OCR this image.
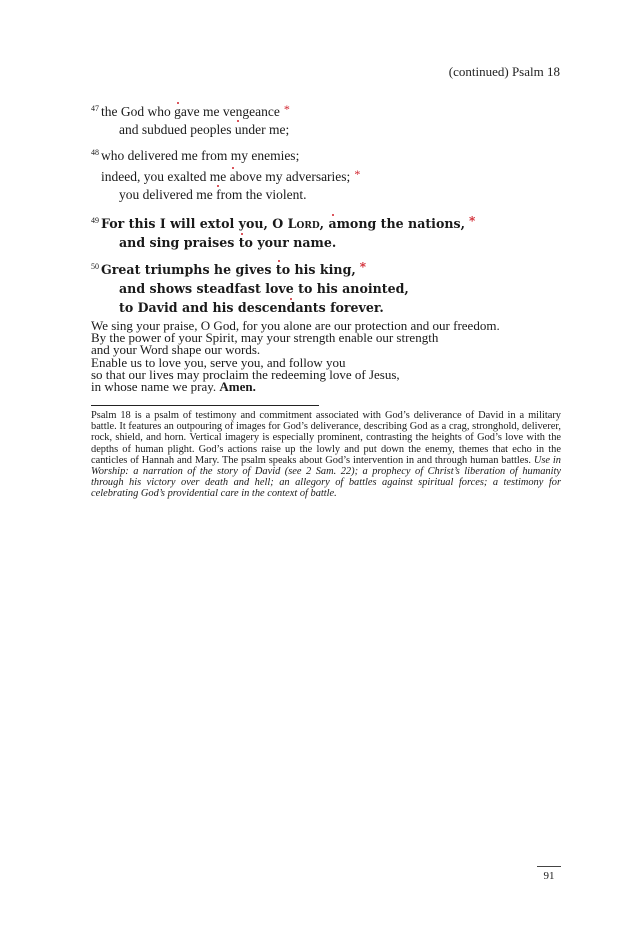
(continued) Psalm 18
$^{47}$ the God who gave me vengeance *
and subdued peoples under me;
$^{48}$ who delivered me from my enemies;
indeed, you exalted me above my adversaries; *
you delivered me from the violent.
$^{49}$ For this I will extol you, O Lord, among the nations, *
and sing praises to your name.
$^{50}$ Great triumphs he gives to his king, *
and shows steadfast love to his anointed,
to David and his descendants forever.
We sing your praise, O God, for you alone are our protection and our freedom.
By the power of your Spirit, may your strength enable our strength
and your Word shape our words.
Enable us to love you, serve you, and follow you
so that our lives may proclaim the redeeming love of Jesus,
in whose name we pray. Amen.
Psalm 18 is a psalm of testimony and commitment associated with God’s deliverance of David in a military battle. It features an outpouring of images for God’s deliverance, describing God as a crag, stronghold, deliverer, rock, shield, and horn. Vertical imagery is especially prominent, contrasting the heights of God’s love with the depths of human plight. God’s actions raise up the lowly and put down the enemy, themes that echo in the canticles of Hannah and Mary. The psalm speaks about God’s intervention in and through human battles. Use in Worship: a narration of the story of David (see 2 Sam. 22); a prophecy of Christ’s liberation of humanity through his victory over death and hell; an allegory of battles against spiritual forces; a testimony for celebrating God’s providential care in the context of battle.
91
